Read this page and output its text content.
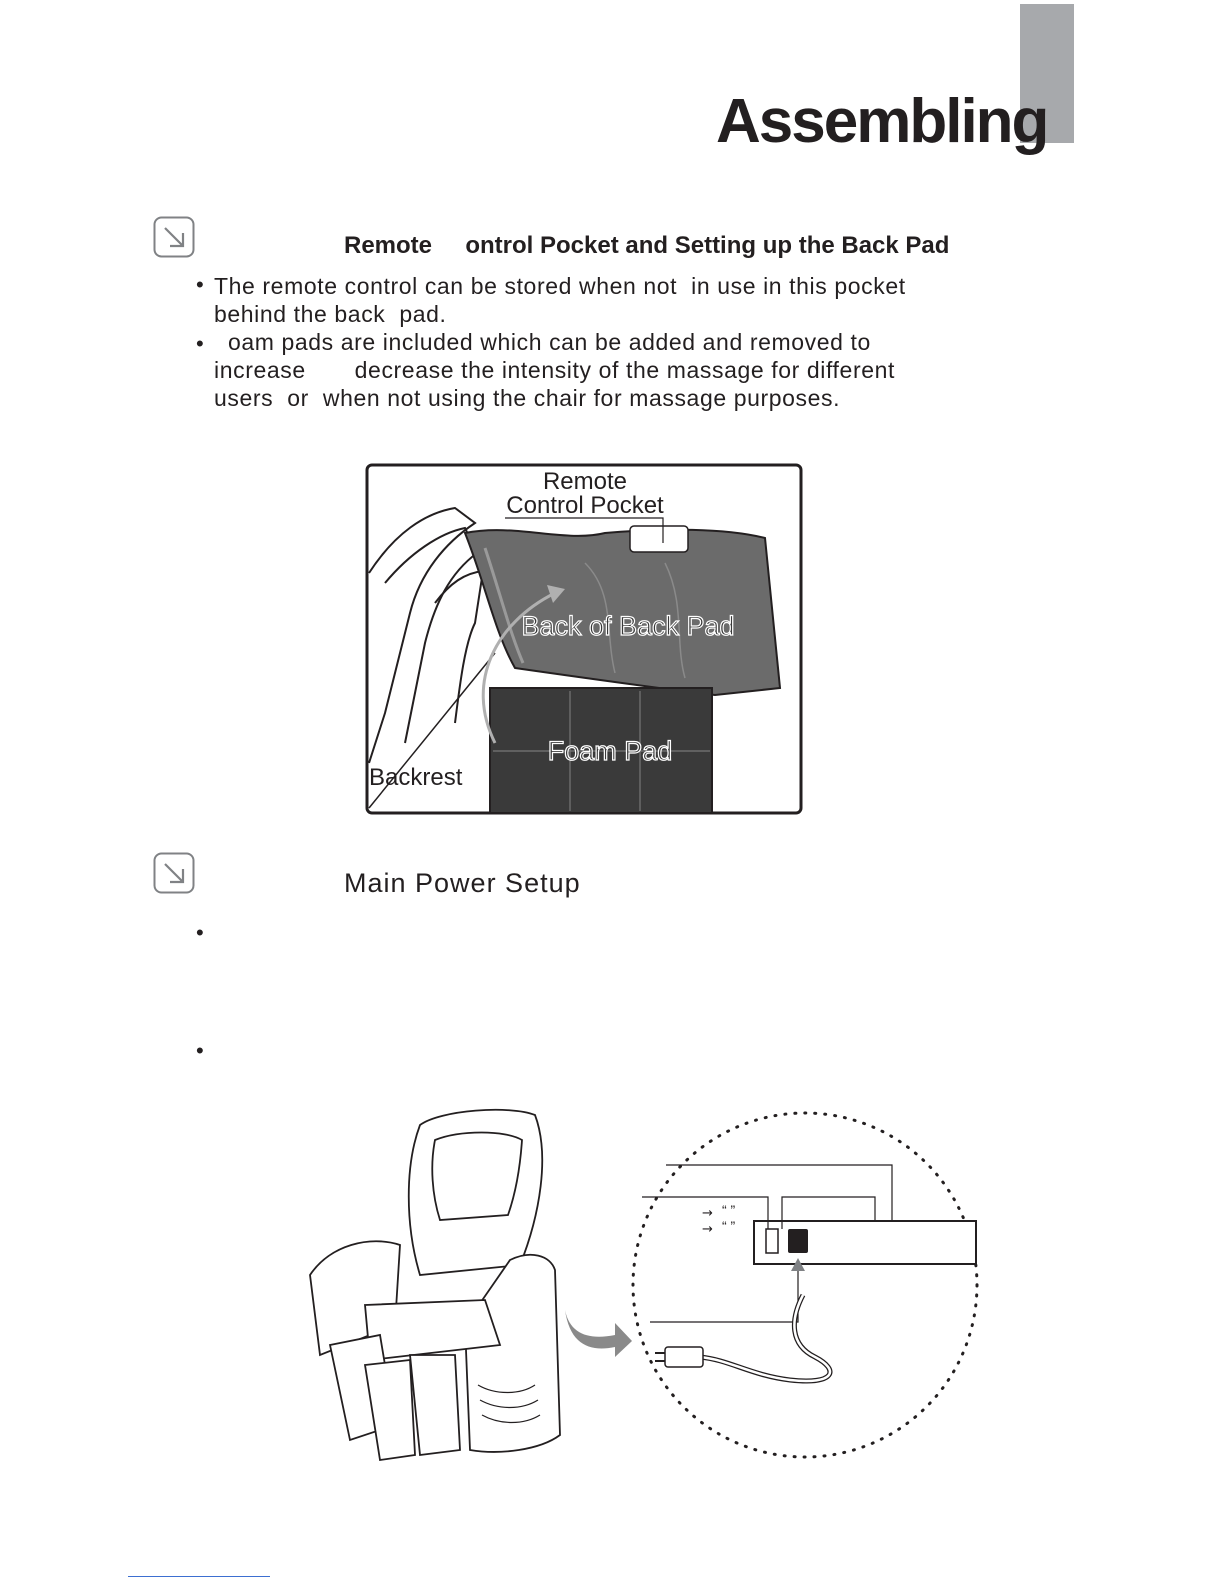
Assembling
Remote     ontrol Pocket and Setting up the Back Pad
• The remote control can be stored when not  in use in this pocket
behind the back  pad.
• oam pads are included which can be added and removed to
increase       decrease the intensity of the massage for different
users  or  when not using the chair for massage purposes.
Remote
Control Pocket
Back of Back Pad
Foam Pad
Backrest
Main Power Setup
•
•
→
→
“ ”
“ ”
